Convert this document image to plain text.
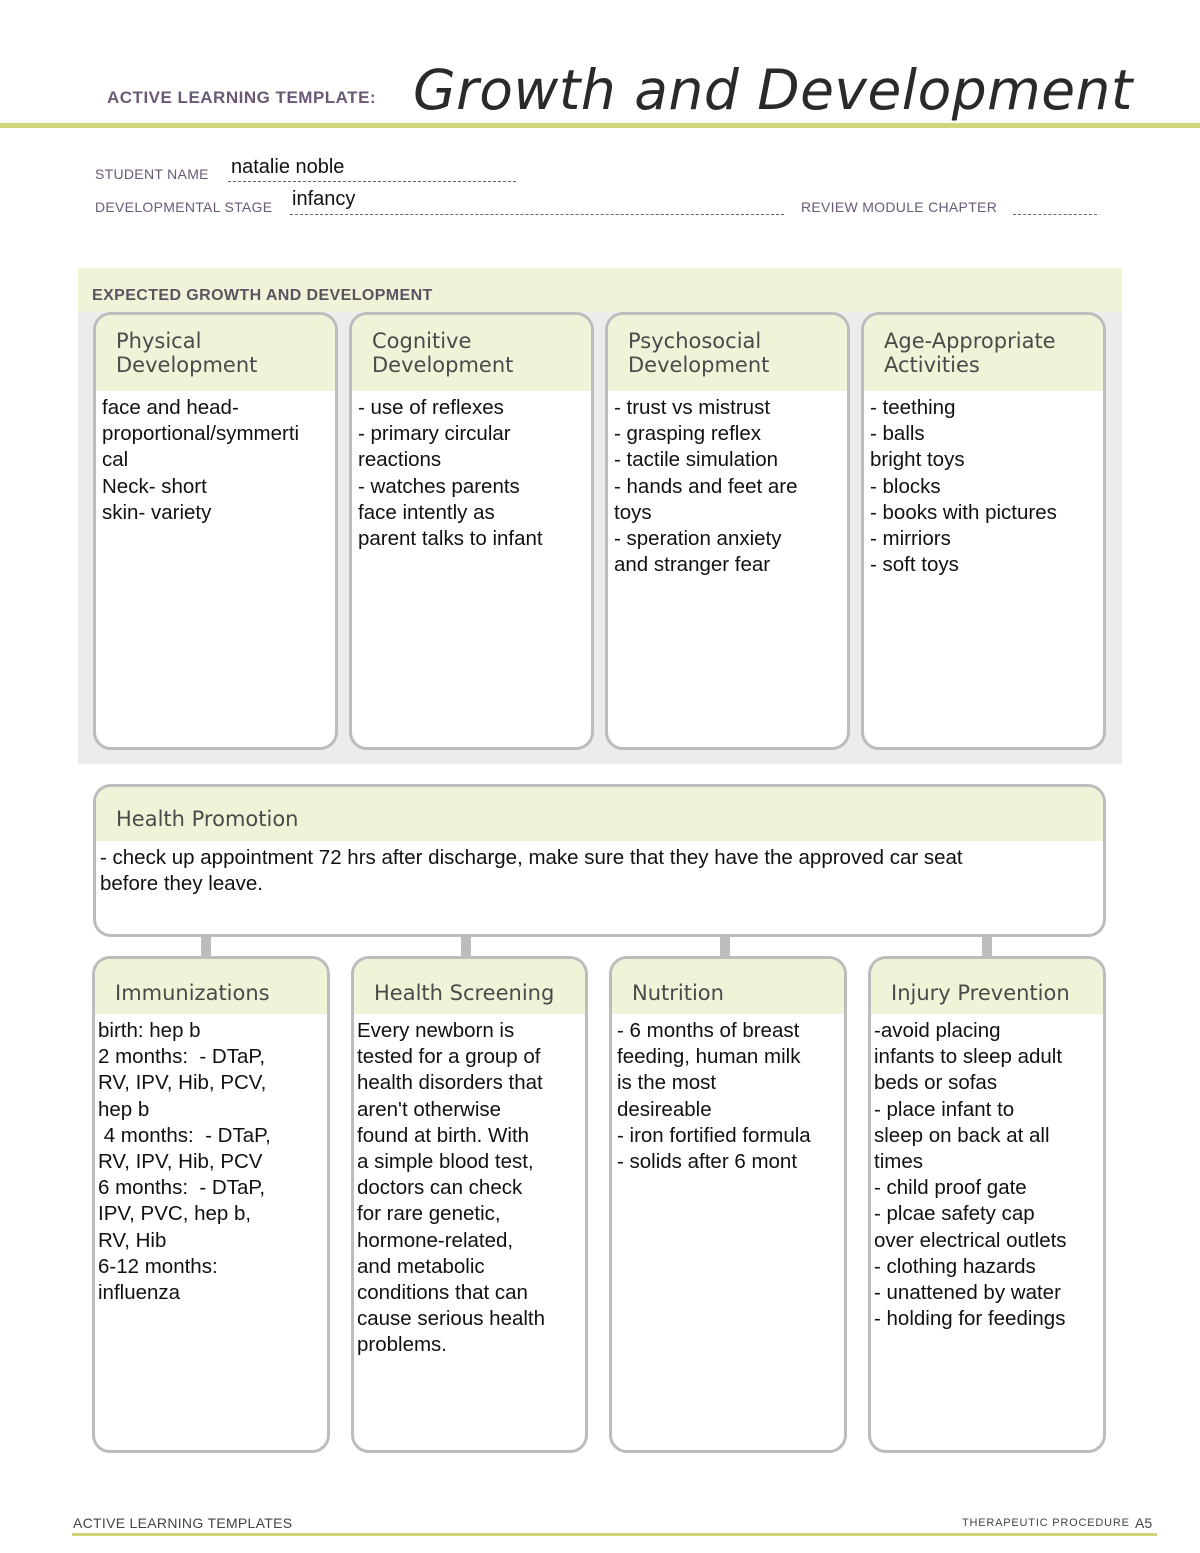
ACTIVE LEARNING TEMPLATE: Growth and Development
STUDENT NAME natalie noble
DEVELOPMENTAL STAGE infancy	REVIEW MODULE CHAPTER
EXPECTED GROWTH AND DEVELOPMENT
Physical
Development
face and head-
proportional/symmerti
cal
Neck- short
skin- variety
Cognitive
Development
- use of reflexes
- primary circular
reactions
- watches parents
face intently as
parent talks to infant
Psychosocial
Development
- trust vs mistrust
- grasping reflex
- tactile simulation
- hands and feet are
toys
- speration anxiety
and stranger fear
Age-Appropriate
Activities
- teething
- balls
bright toys
- blocks
- books with pictures
- mirriors
- soft toys
Health Promotion
- check up appointment 72 hrs after discharge, make sure that they have the approved car seat
before they leave.
Immunizations
birth: hep b
2 months:  - DTaP,
RV, IPV, Hib, PCV,
hep b
4 months:  - DTaP,
RV, IPV, Hib, PCV
6 months:  - DTaP,
IPV, PVC, hep b,
RV, Hib
6-12 months:
influenza
Health Screening
Every newborn is
tested for a group of
health disorders that
aren't otherwise
found at birth. With
a simple blood test,
doctors can check
for rare genetic,
hormone-related,
and metabolic
conditions that can
cause serious health
problems.
Nutrition
- 6 months of breast
feeding, human milk
is the most
desireable
- iron fortified formula
- solids after 6 mont
Injury Prevention
-avoid placing
infants to sleep adult
beds or sofas
- place infant to
sleep on back at all
times
- child proof gate
- plcae safety cap
over electrical outlets
- clothing hazards
- unattened by water
- holding for feedings
ACTIVE LEARNING TEMPLATES	THERAPEUTIC PROCEDURE A5
